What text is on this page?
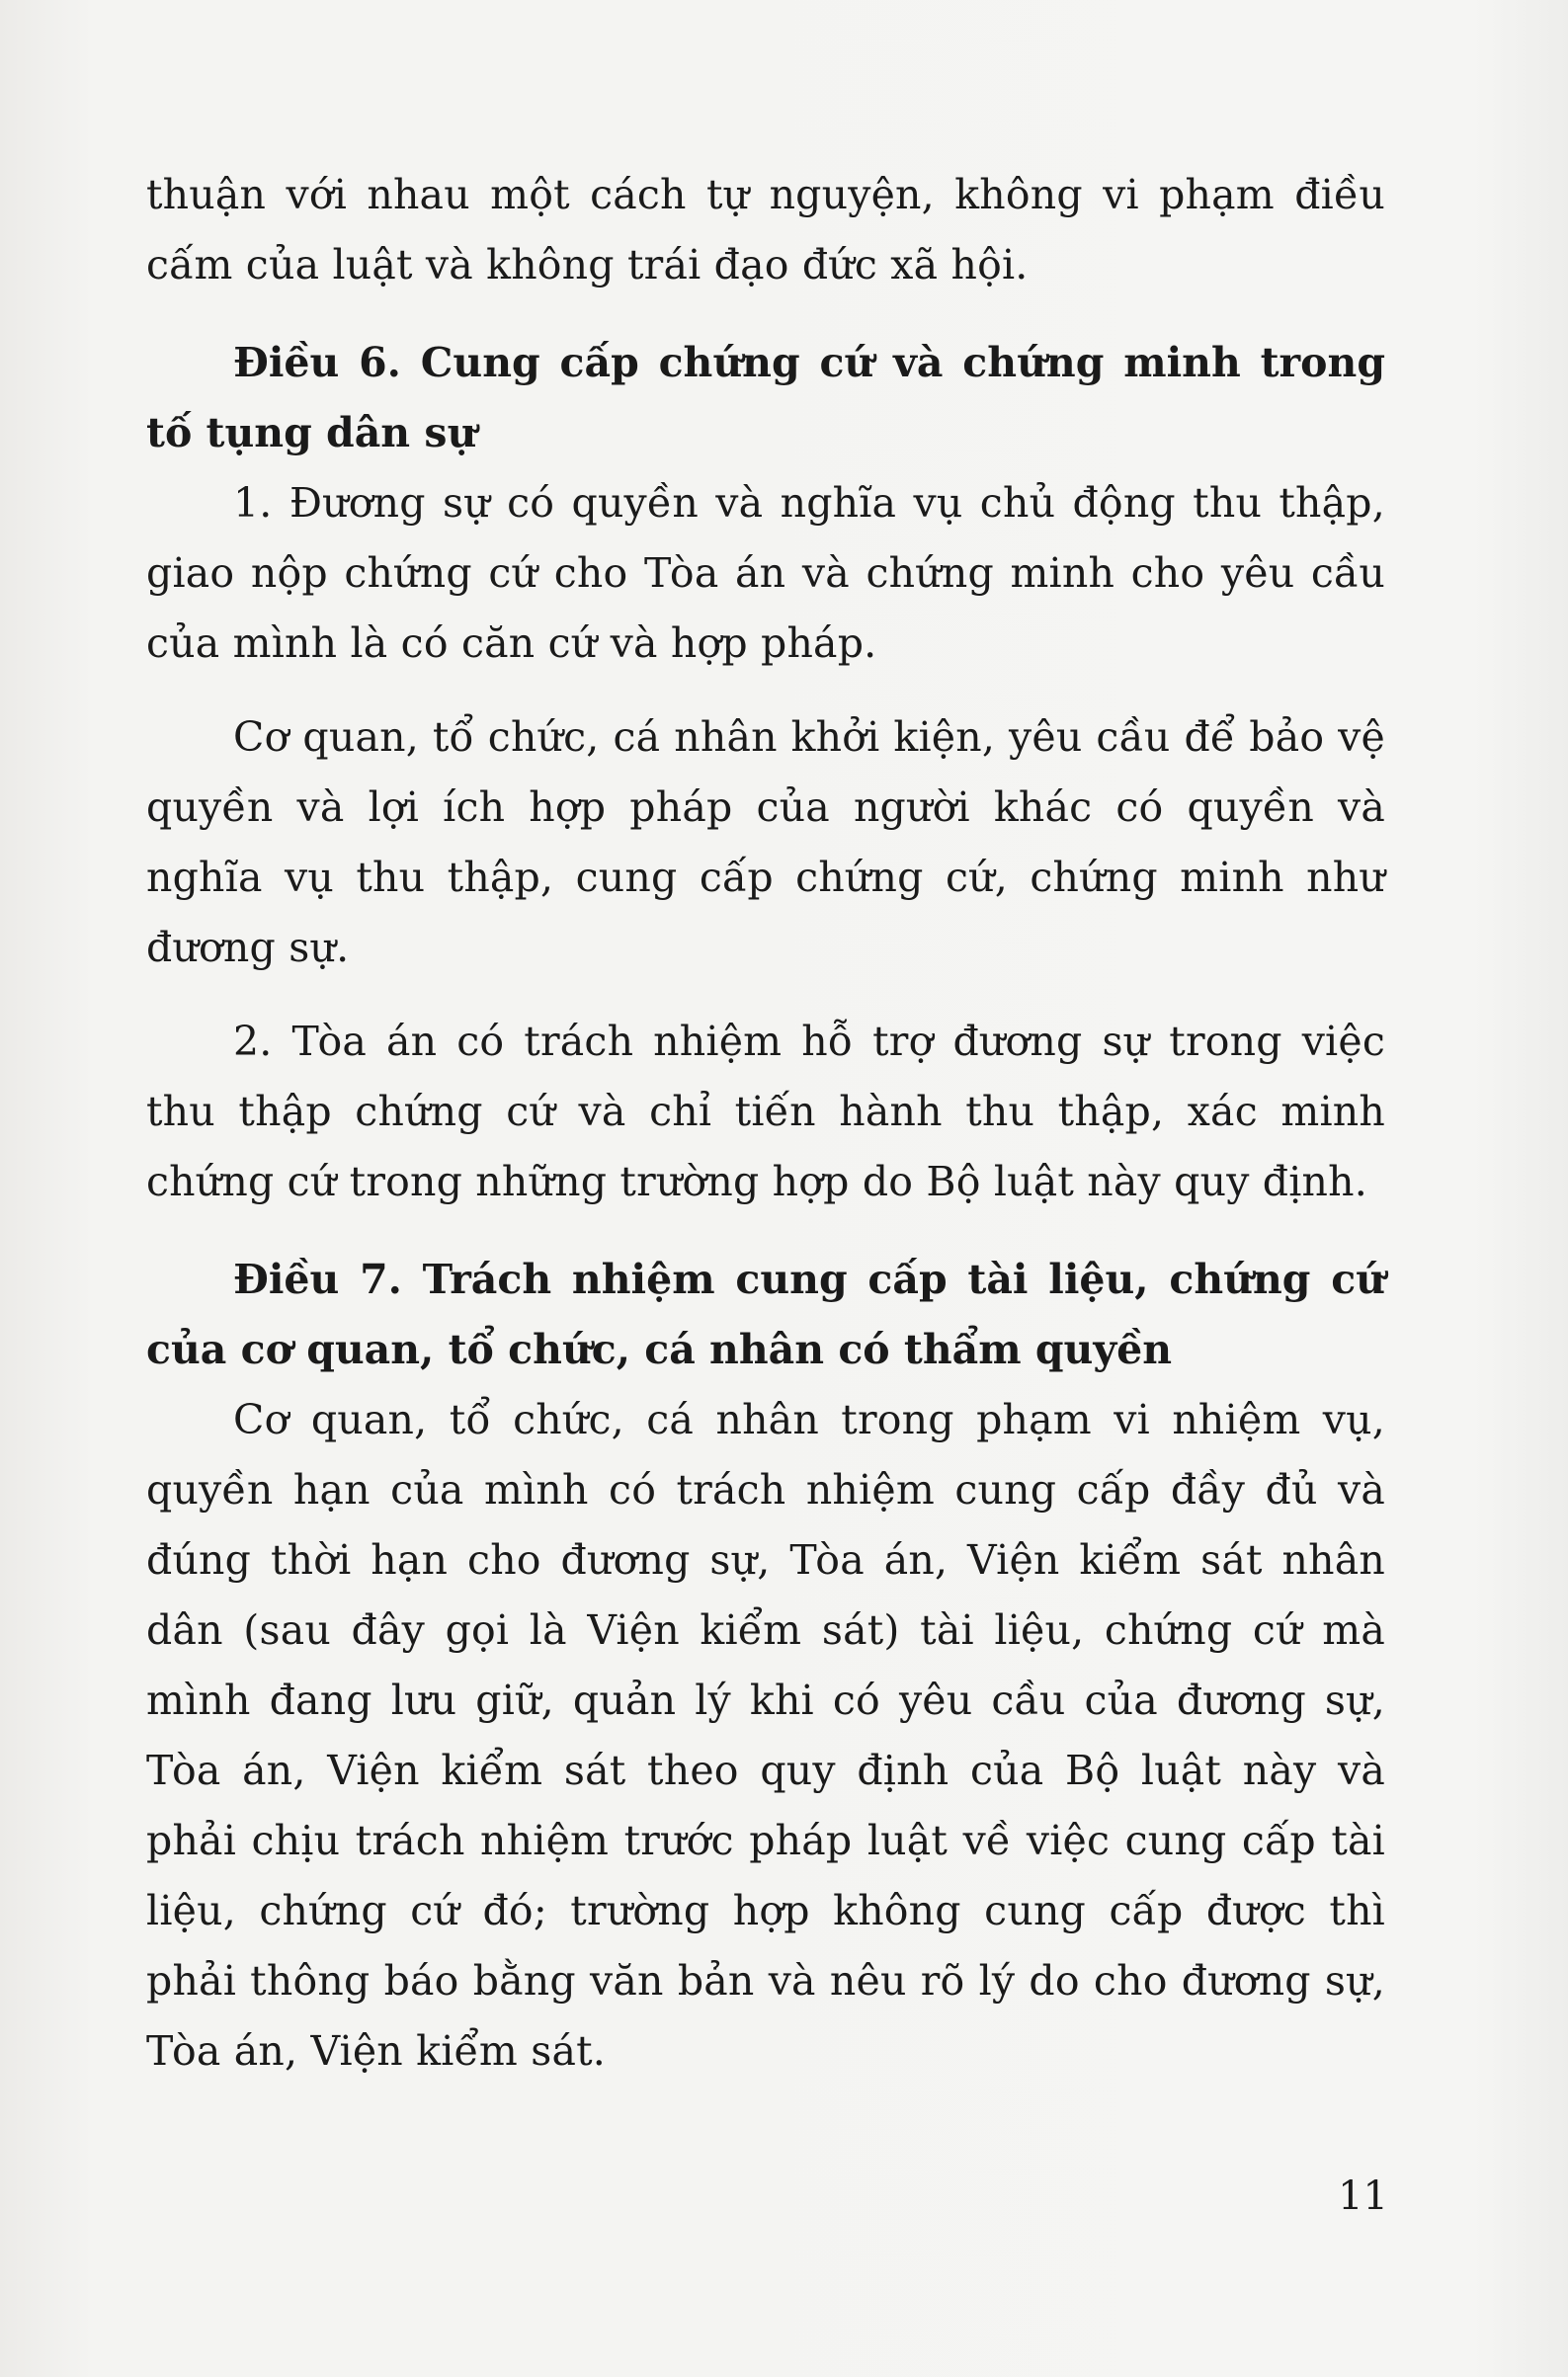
thuận với nhau một cách tự nguyện, không vi phạm điều cấm của luật và không trái đạo đức xã hội.

Điều 6. Cung cấp chứng cứ và chứng minh trong tố tụng dân sự

1. Đương sự có quyền và nghĩa vụ chủ động thu thập, giao nộp chứng cứ cho Tòa án và chứng minh cho yêu cầu của mình là có căn cứ và hợp pháp.

Cơ quan, tổ chức, cá nhân khởi kiện, yêu cầu để bảo vệ quyền và lợi ích hợp pháp của người khác có quyền và nghĩa vụ thu thập, cung cấp chứng cứ, chứng minh như đương sự.

2. Tòa án có trách nhiệm hỗ trợ đương sự trong việc thu thập chứng cứ và chỉ tiến hành thu thập, xác minh chứng cứ trong những trường hợp do Bộ luật này quy định.

Điều 7. Trách nhiệm cung cấp tài liệu, chứng cứ của cơ quan, tổ chức, cá nhân có thẩm quyền

Cơ quan, tổ chức, cá nhân trong phạm vi nhiệm vụ, quyền hạn của mình có trách nhiệm cung cấp đầy đủ và đúng thời hạn cho đương sự, Tòa án, Viện kiểm sát nhân dân (sau đây gọi là Viện kiểm sát) tài liệu, chứng cứ mà mình đang lưu giữ, quản lý khi có yêu cầu của đương sự, Tòa án, Viện kiểm sát theo quy định của Bộ luật này và phải chịu trách nhiệm trước pháp luật về việc cung cấp tài liệu, chứng cứ đó; trường hợp không cung cấp được thì phải thông báo bằng văn bản và nêu rõ lý do cho đương sự, Tòa án, Viện kiểm sát.

11
